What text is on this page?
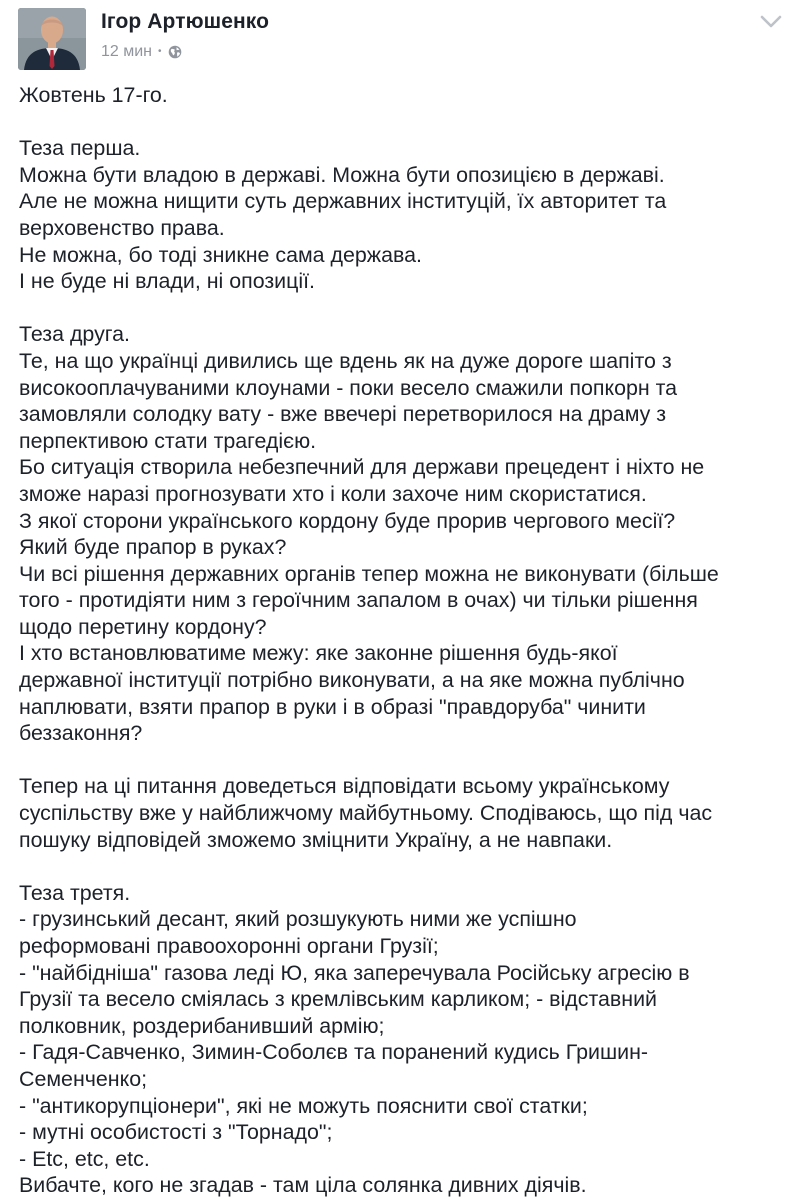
Ігор Артюшенко
12 мин •
Жовтень 17-го.
Теза перша.
Можна бути владою в державі. Можна бути опозицією в державі.
Але не можна нищити суть державних інституцій, їх авторитет та
верховенство права.
Не можна, бо тоді зникне сама держава.
І не буде ні влади, ні опозиції.
Теза друга.
Те, на що українці дивились ще вдень як на дуже дороге шапіто з
високооплачуваними клоунами - поки весело смажили попкорн та
замовляли солодку вату - вже ввечері перетворилося на драму з
перпективою стати трагедією.
Бо ситуація створила небезпечний для держави прецедент і ніхто не
зможе наразі прогнозувати хто і коли захоче ним скористатися.
З якої сторони українського кордону буде прорив чергового месії?
Який буде прапор в руках?
Чи всі рішення державних органів тепер можна не виконувати (більше
того - протидіяти ним з героїчним запалом в очах) чи тільки рішення
щодо перетину кордону?
І хто встановлюватиме межу: яке законне рішення будь-якої
державної інституції потрібно виконувати, а на яке можна публічно
наплювати, взяти прапор в руки і в образі "правдоруба" чинити
беззаконня?
Тепер на ці питання доведеться відповідати всьому українському
суспільству вже у найближчому майбутньому. Сподіваюсь, що під час
пошуку відповідей зможемо зміцнити Україну, а не навпаки.
Теза третя.
- грузинський десант, який розшукують ними же успішно
реформовані правоохоронні органи Грузії;
- "найбідніша" газова леді Ю, яка заперечувала Російську агресію в
Грузії та весело сміялась з кремлівським карликом; - відставний
полковник, роздерибанивший армію;
- Гадя-Савченко, Зимин-Соболєв та поранений кудись Гришин-
Семенченко;
- "антикорупціонери", які не можуть пояснити свої статки;
- мутні особистості з "Торнадо";
- Etc, etc, etc.
Вибачте, кого не згадав - там ціла солянка дивних діячів.
